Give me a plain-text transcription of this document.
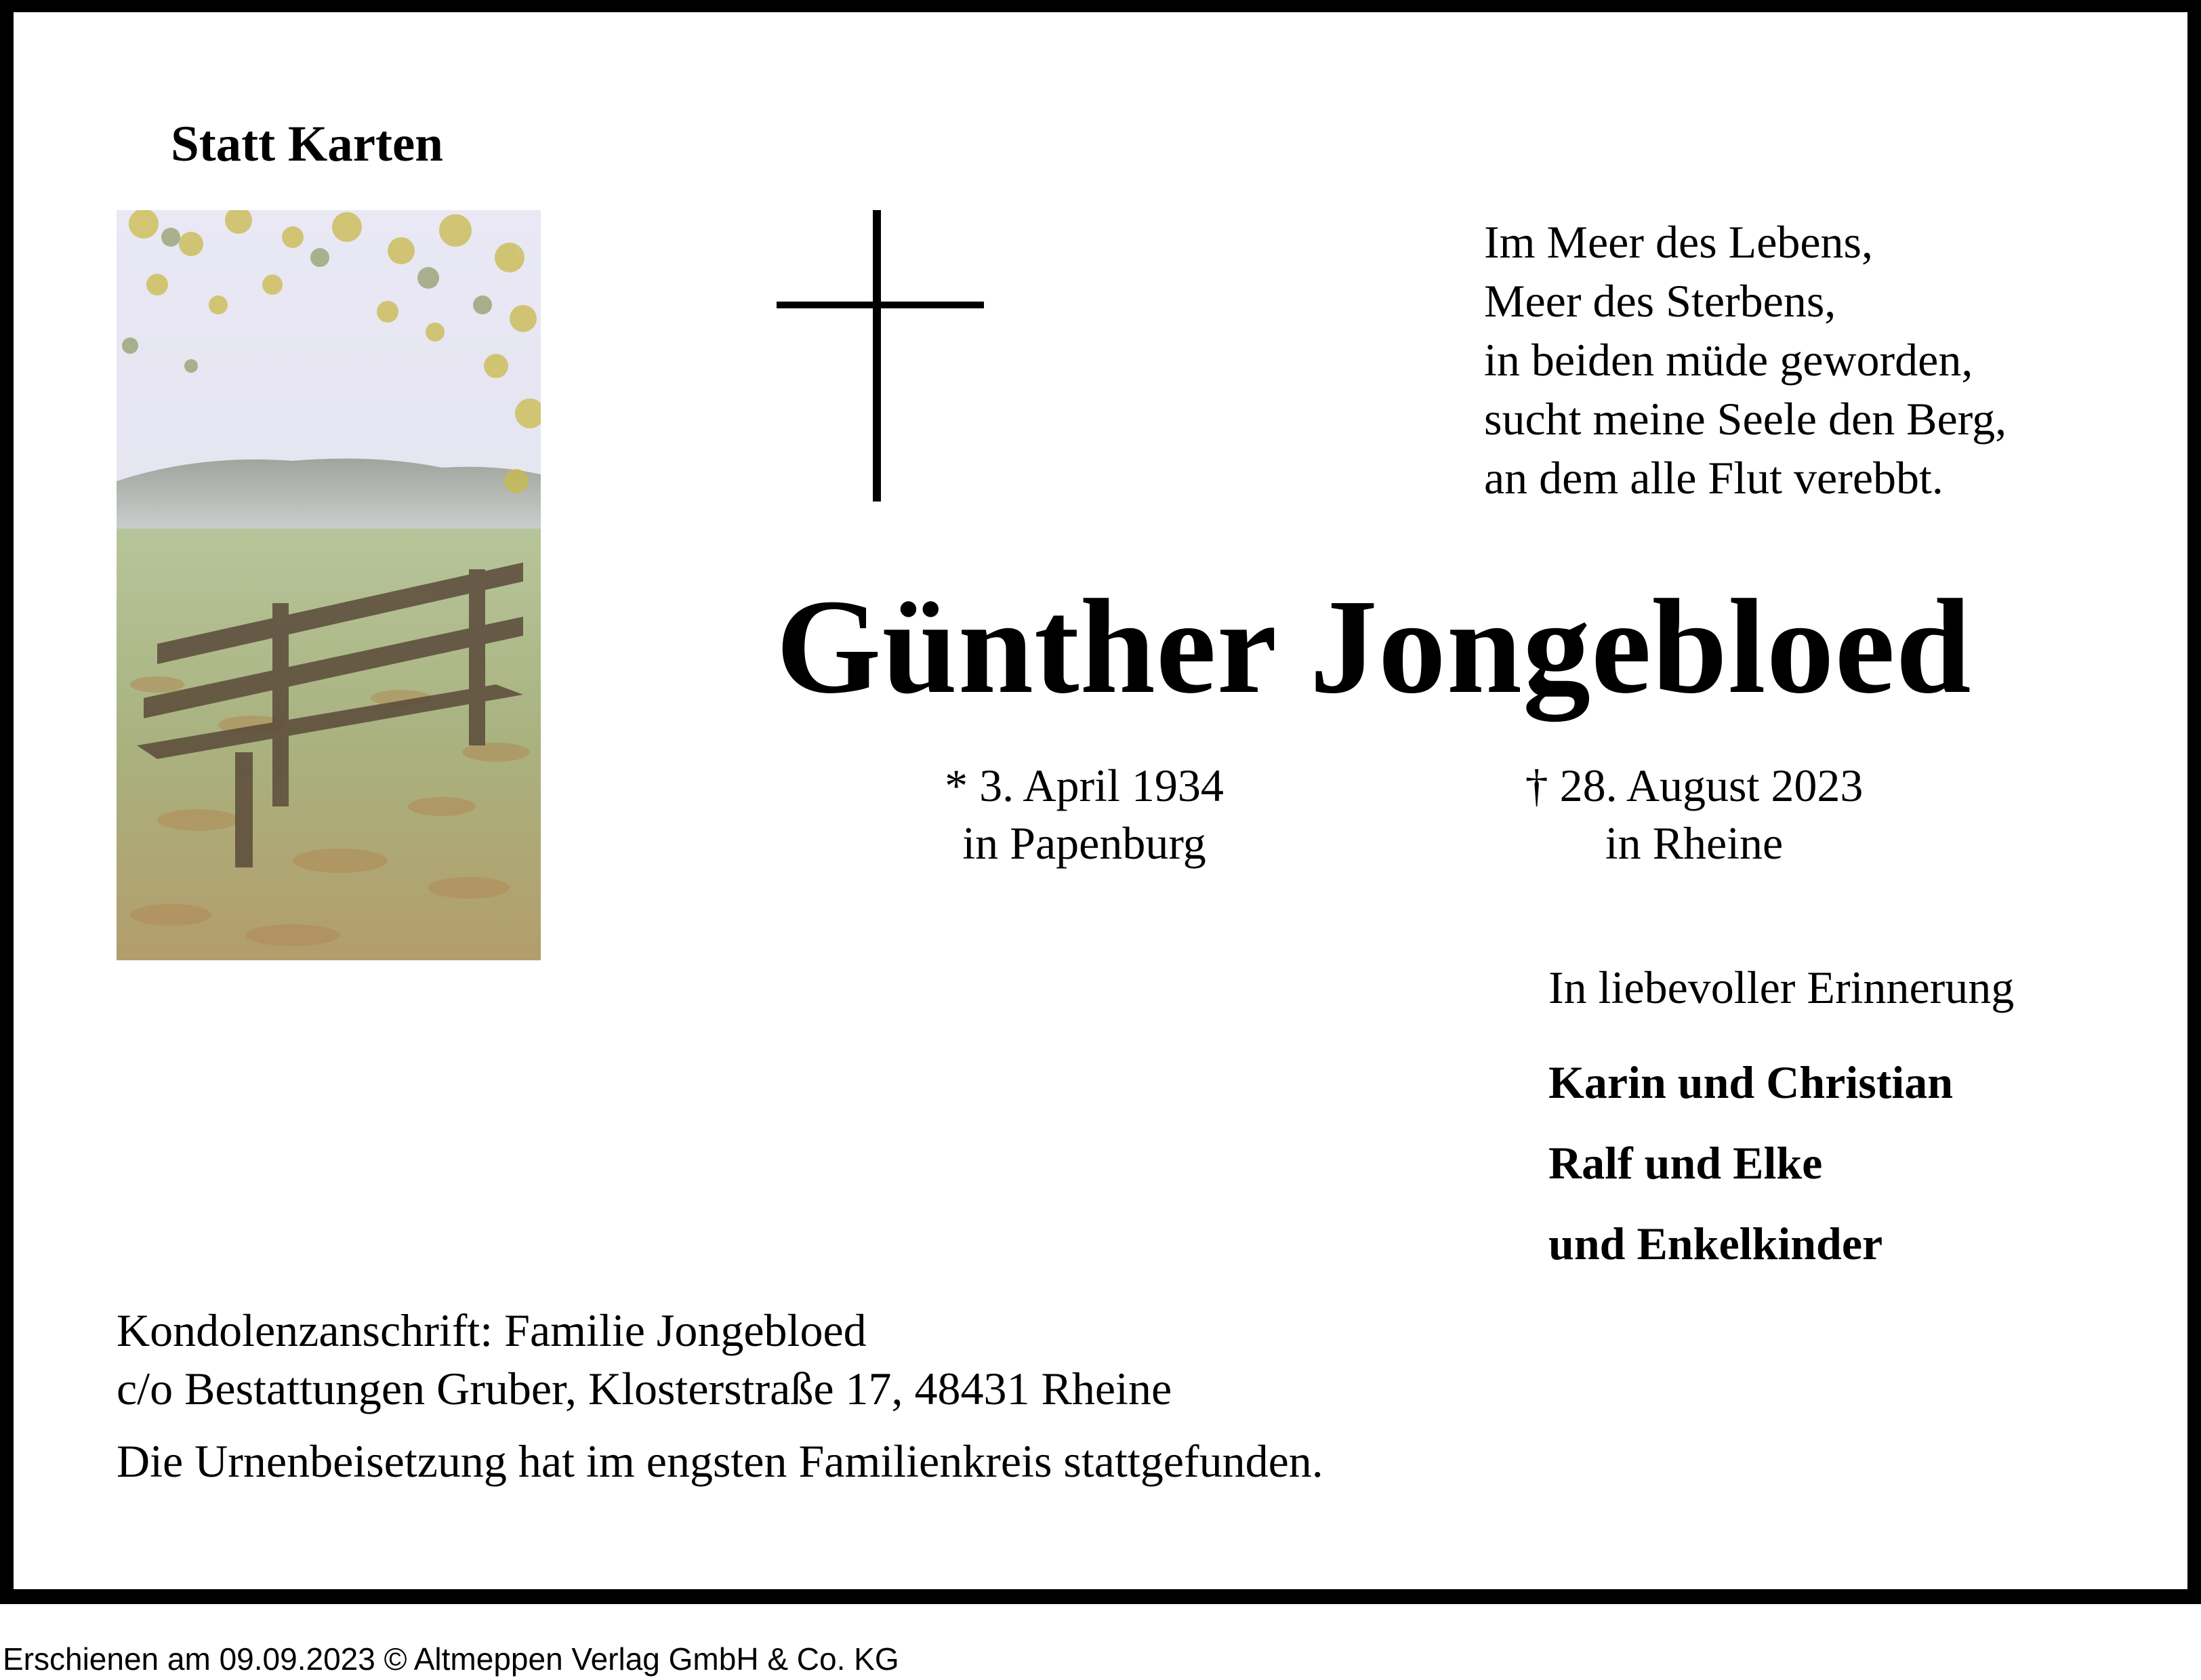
Statt Karten
Im Meer des Lebens,
Meer des Sterbens,
in beiden müde geworden,
sucht meine Seele den Berg,
an dem alle Flut verebbt.
Günther Jongebloed
* 3. April 1934
in Papenburg
† 28. August 2023
in Rheine
In liebevoller Erinnerung
Karin und Christian
Ralf und Elke
und Enkelkinder
Kondolenzanschrift: Familie Jongebloed
c/o Bestattungen Gruber, Klosterstraße 17, 48431 Rheine
Die Urnenbeisetzung hat im engsten Familienkreis stattgefunden.
Erschienen am 09.09.2023 © Altmeppen Verlag GmbH & Co. KG
